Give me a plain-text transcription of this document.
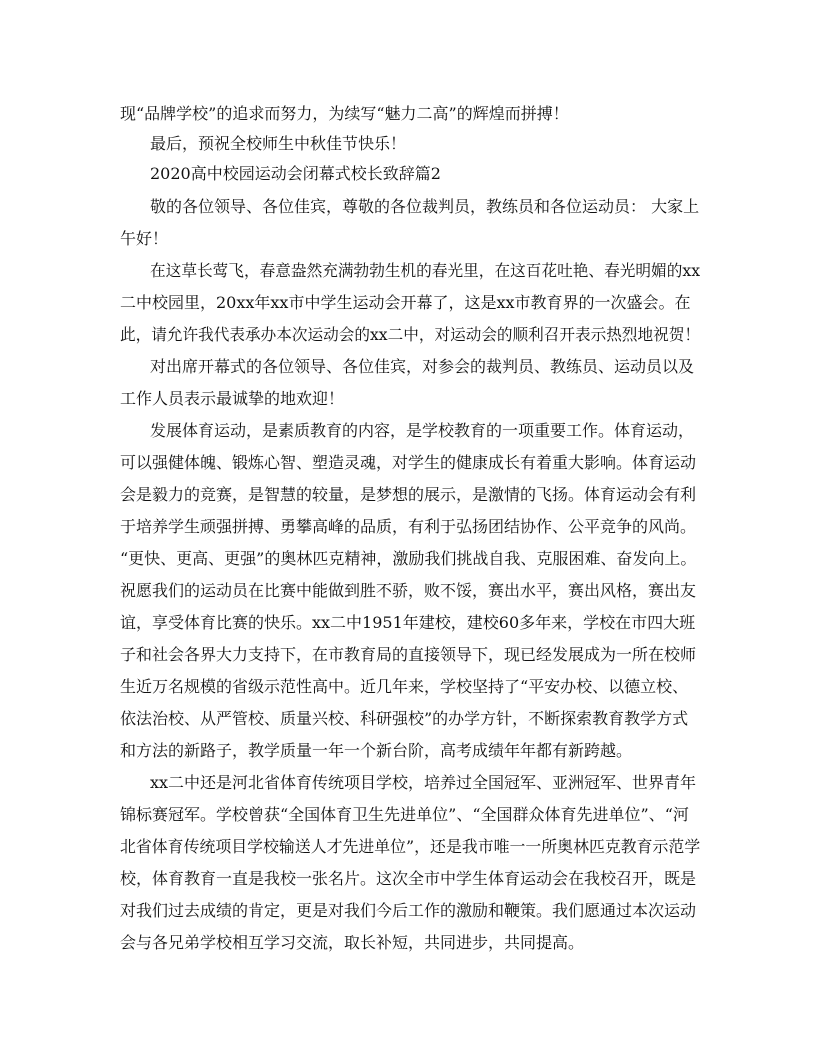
现“品牌学校”的追求而努力，为续写“魅力二高”的辉煌而拼搏！
最后，预祝全校师生中秋佳节快乐！
2020高中校园运动会闭幕式校长致辞篇2
敬的各位领导、各位佳宾，尊敬的各位裁判员，教练员和各位运动员： 大家上
午好！
在这草长莺飞，春意盎然充满勃勃生机的春光里，在这百花吐艳、春光明媚的xx
二中校园里，20xx年xx市中学生运动会开幕了，这是xx市教育界的一次盛会。在
此，请允许我代表承办本次运动会的xx二中，对运动会的顺利召开表示热烈地祝贺！
对出席开幕式的各位领导、各位佳宾，对参会的裁判员、教练员、运动员以及
工作人员表示最诚挚的地欢迎！
发展体育运动，是素质教育的内容，是学校教育的一项重要工作。体育运动，
可以强健体魄、锻炼心智、塑造灵魂，对学生的健康成长有着重大影响。体育运动
会是毅力的竞赛，是智慧的较量，是梦想的展示，是激情的飞扬。体育运动会有利
于培养学生顽强拼搏、勇攀高峰的品质，有利于弘扬团结协作、公平竞争的风尚。
“更快、更高、更强”的奥林匹克精神，激励我们挑战自我、克服困难、奋发向上。
祝愿我们的运动员在比赛中能做到胜不骄，败不馁，赛出水平，赛出风格，赛出友
谊，享受体育比赛的快乐。xx二中1951年建校，建校60多年来，学校在市四大班
子和社会各界大力支持下，在市教育局的直接领导下，现已经发展成为一所在校师
生近万名规模的省级示范性高中。近几年来，学校坚持了“平安办校、以德立校、
依法治校、从严管校、质量兴校、科研强校”的办学方针，不断探索教育教学方式
和方法的新路子，教学质量一年一个新台阶，高考成绩年年都有新跨越。
xx二中还是河北省体育传统项目学校，培养过全国冠军、亚洲冠军、世界青年
锦标赛冠军。学校曾获“全国体育卫生先进单位”、“全国群众体育先进单位”、“河
北省体育传统项目学校输送人才先进单位”，还是我市唯一一所奥林匹克教育示范学
校，体育教育一直是我校一张名片。这次全市中学生体育运动会在我校召开，既是
对我们过去成绩的肯定，更是对我们今后工作的激励和鞭策。我们愿通过本次运动
会与各兄弟学校相互学习交流，取长补短，共同进步，共同提高。
